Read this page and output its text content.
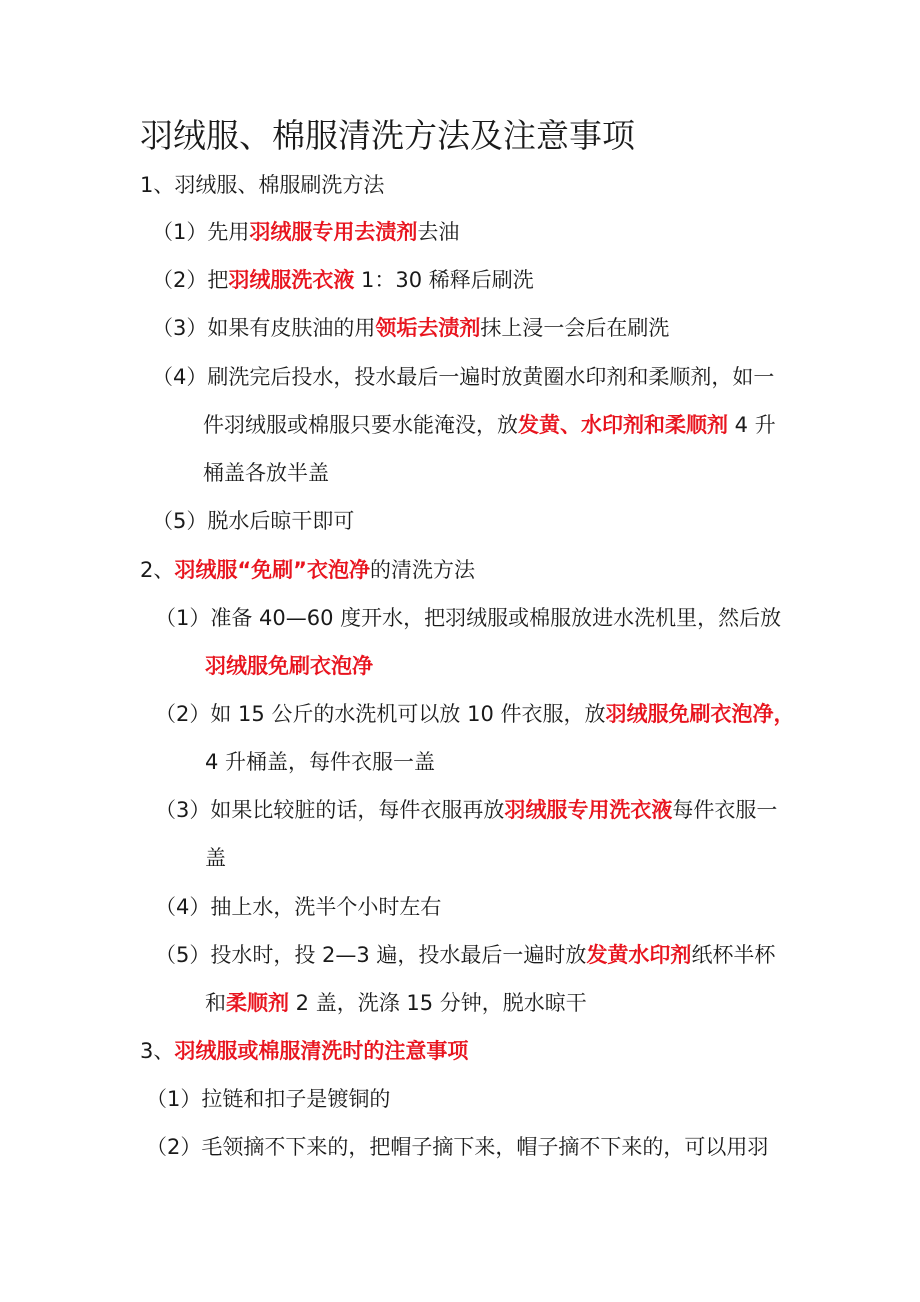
羽绒服、棉服清洗方法及注意事项
1、羽绒服、棉服刷洗方法
（1）先用羽绒服专用去渍剂去油
（2）把羽绒服洗衣液 1：30 稀释后刷洗
（3）如果有皮肤油的用领垢去渍剂抹上浸一会后在刷洗
（4）刷洗完后投水，投水最后一遍时放黄圈水印剂和柔顺剂，如一
件羽绒服或棉服只要水能淹没，放发黄、水印剂和柔顺剂 4 升
桶盖各放半盖
（5）脱水后晾干即可
2、羽绒服“免刷”衣泡净的清洗方法
（1）准备 40—60 度开水，把羽绒服或棉服放进水洗机里，然后放
羽绒服免刷衣泡净
（2）如 15 公斤的水洗机可以放 10 件衣服，放羽绒服免刷衣泡净，
4 升桶盖，每件衣服一盖
（3）如果比较脏的话，每件衣服再放羽绒服专用洗衣液每件衣服一
盖
（4）抽上水，洗半个小时左右
（5）投水时，投 2—3 遍，投水最后一遍时放发黄水印剂纸杯半杯
和柔顺剂 2 盖，洗涤 15 分钟，脱水晾干
3、羽绒服或棉服清洗时的注意事项
（1）拉链和扣子是镀铜的
（2）毛领摘不下来的，把帽子摘下来，帽子摘不下来的，可以用羽
